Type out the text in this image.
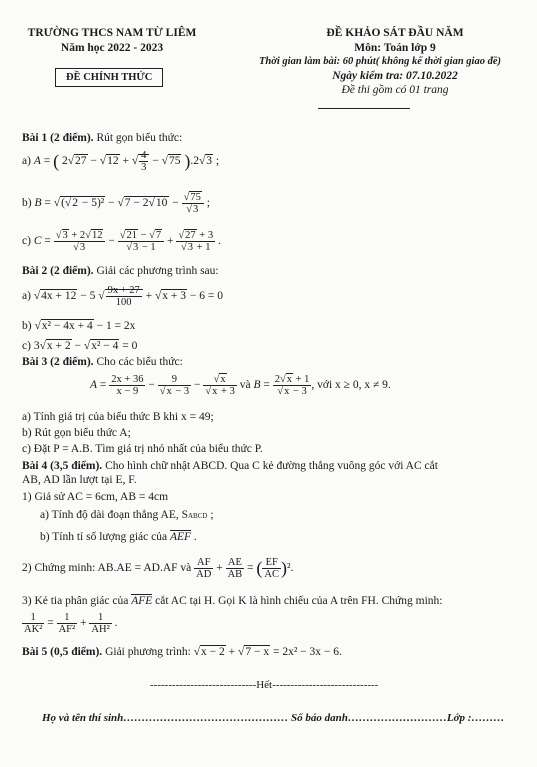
TRƯỜNG THCS NAM TỪ LIÊM
Năm học 2022 - 2023
ĐỀ CHÍNH THỨC
ĐỀ KHẢO SÁT ĐẦU NĂM
Môn: Toán lớp 9
Thời gian làm bài: 60 phút( không kể thời gian giao đề)
Ngày kiểm tra: 07.10.2022
Đề thi gồm có 01 trang
Bài 1 (2 điểm). Rút gọn biểu thức:
a) A = ( 2√27 − √12 + √ $\frac{4}{3} - √75$ ).2√3 ;
b) $B = √(√2 - 5)^2 - √7 - 2√10 - \frac{√75}{√3}$ ;
c) $C = \frac{√3 + 2√12}{√3} - \frac{√21 - √7}{√3 - 1} + \frac{√27 + 3}{√3 + 1}$ .
Bài 2 (2 điểm). Giải các phương trình sau:
a) √4x + 12 − 5 √ $\frac{9x + 27}{100} + √x + 3 - 6 = 0$
b) √x² − 4x + 4 − 1 = 2x
c) 3√x + 2 − √x² − 4 = 0
Bài 3 (2 điểm). Cho các biểu thức:
$A = \frac{2x + 36}{x - 9} - \frac{9}{√x - 3} - \frac{√x}{√x + 3}$ và $B = \frac{2√x + 1}{√x - 3}$ , với x ≥ 0, x ≠ 9.
a) Tính giá trị của biểu thức B khi x = 49;
b) Rút gọn biểu thức A;
c) Đặt P = A.B. Tìm giá trị nhỏ nhất của biểu thức P.
Bài 4 (3,5 điểm). Cho hình chữ nhật ABCD. Qua C kẻ đường thẳng vuông góc với AC cắt
AB, AD lần lượt tại E, F.
1) Giả sử AC = 6cm, AB = 4cm
a) Tính độ dài đoạn thẳng AE, SABCD ;
b) Tính tỉ số lượng giác của AEF .
2) Chứng minh: AB.AE = AD.AF và $\frac{AF}{AD} + \frac{AE}{AB}$ = ( $\frac{EF}{AC} )^2$.
3) Kẻ tia phân giác của AFE cắt AC tại H. Gọi K là hình chiếu của A trên FH. Chứng minh:
$\frac{1}{\text{AK²}} = \frac{1}{\text{AF²}} + \frac{1}{\text{AH²}}$ .
Bài 5 (0,5 điểm). Giải phương trình: √x − 2 + √7 − x = 2x² − 3x − 6.
-----------------------------Hết-----------------------------
Họ và tên thí sinh……………………………………… Số báo danh………………………Lớp :………
